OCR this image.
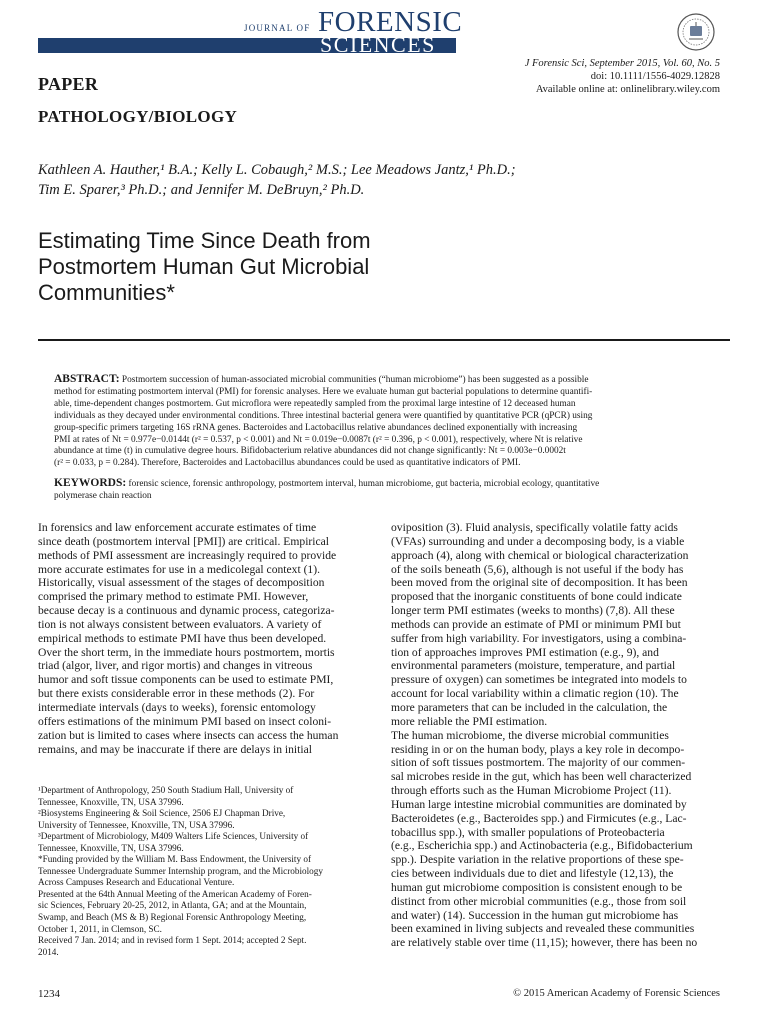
JOURNAL OF FORENSIC
SCIENCES
PAPER
PATHOLOGY/BIOLOGY
J Forensic Sci, September 2015, Vol. 60, No. 5
doi: 10.1111/1556-4029.12828
Available online at: onlinelibrary.wiley.com
Kathleen A. Hauther,¹ B.A.; Kelly L. Cobaugh,² M.S.; Lee Meadows Jantz,¹ Ph.D.;
Tim E. Sparer,³ Ph.D.; and Jennifer M. DeBruyn,² Ph.D.
Estimating Time Since Death from
Postmortem Human Gut Microbial
Communities*
ABSTRACT: Postmortem succession of human-associated microbial communities (“human microbiome”) has been suggested as a possible
method for estimating postmortem interval (PMI) for forensic analyses. Here we evaluate human gut bacterial populations to determine quantifi-
able, time-dependent changes postmortem. Gut microflora were repeatedly sampled from the proximal large intestine of 12 deceased human
individuals as they decayed under environmental conditions. Three intestinal bacterial genera were quantified by quantitative PCR (qPCR) using
group-specific primers targeting 16S rRNA genes. Bacteroides and Lactobacillus relative abundances declined exponentially with increasing
PMI at rates of Nt = 0.977e−0.0144t (r² = 0.537, p < 0.001) and Nt = 0.019e−0.0087t (r² = 0.396, p < 0.001), respectively, where Nt is relative
abundance at time (t) in cumulative degree hours. Bifidobacterium relative abundances did not change significantly: Nt = 0.003e−0.0002t
(r² = 0.033, p = 0.284). Therefore, Bacteroides and Lactobacillus abundances could be used as quantitative indicators of PMI.
KEYWORDS: forensic science, forensic anthropology, postmortem interval, human microbiome, gut bacteria, microbial ecology, quantitative
polymerase chain reaction
In forensics and law enforcement accurate estimates of time
since death (postmortem interval [PMI]) are critical. Empirical
methods of PMI assessment are increasingly required to provide
more accurate estimates for use in a medicolegal context (1).
Historically, visual assessment of the stages of decomposition
comprised the primary method to estimate PMI. However,
because decay is a continuous and dynamic process, categoriza-
tion is not always consistent between evaluators. A variety of
empirical methods to estimate PMI have thus been developed.
Over the short term, in the immediate hours postmortem, mortis
triad (algor, liver, and rigor mortis) and changes in vitreous
humor and soft tissue components can be used to estimate PMI,
but there exists considerable error in these methods (2). For
intermediate intervals (days to weeks), forensic entomology
offers estimations of the minimum PMI based on insect coloni-
zation but is limited to cases where insects can access the human
remains, and may be inaccurate if there are delays in initial
oviposition (3). Fluid analysis, specifically volatile fatty acids
(VFAs) surrounding and under a decomposing body, is a viable
approach (4), along with chemical or biological characterization
of the soils beneath (5,6), although is not useful if the body has
been moved from the original site of decomposition. It has been
proposed that the inorganic constituents of bone could indicate
longer term PMI estimates (weeks to months) (7,8). All these
methods can provide an estimate of PMI or minimum PMI but
suffer from high variability. For investigators, using a combina-
tion of approaches improves PMI estimation (e.g., 9), and
environmental parameters (moisture, temperature, and partial
pressure of oxygen) can sometimes be integrated into models to
account for local variability within a climatic region (10). The
more parameters that can be included in the calculation, the
more reliable the PMI estimation.
The human microbiome, the diverse microbial communities
residing in or on the human body, plays a key role in decompo-
sition of soft tissues postmortem. The majority of our commen-
sal microbes reside in the gut, which has been well characterized
through efforts such as the Human Microbiome Project (11).
Human large intestine microbial communities are dominated by
Bacteroidetes (e.g., Bacteroides spp.) and Firmicutes (e.g., Lac-
tobacillus spp.), with smaller populations of Proteobacteria
(e.g., Escherichia spp.) and Actinobacteria (e.g., Bifidobacterium
spp.). Despite variation in the relative proportions of these spe-
cies between individuals due to diet and lifestyle (12,13), the
human gut microbiome composition is consistent enough to be
distinct from other microbial communities (e.g., those from soil
and water) (14). Succession in the human gut microbiome has
been examined in living subjects and revealed these communities
are relatively stable over time (11,15); however, there has been no
¹Department of Anthropology, 250 South Stadium Hall, University of
Tennessee, Knoxville, TN, USA 37996.
²Biosystems Engineering & Soil Science, 2506 EJ Chapman Drive,
University of Tennessee, Knoxville, TN, USA 37996.
³Department of Microbiology, M409 Walters Life Sciences, University of
Tennessee, Knoxville, TN, USA 37996.
*Funding provided by the William M. Bass Endowment, the University of
Tennessee Undergraduate Summer Internship program, and the Microbiology
Across Campuses Research and Educational Venture.
Presented at the 64th Annual Meeting of the American Academy of Foren-
sic Sciences, February 20-25, 2012, in Atlanta, GA; and at the Mountain,
Swamp, and Beach (MS & B) Regional Forensic Anthropology Meeting,
October 1, 2011, in Clemson, SC.
Received 7 Jan. 2014; and in revised form 1 Sept. 2014; accepted 2 Sept.
2014.
1234	© 2015 American Academy of Forensic Sciences
